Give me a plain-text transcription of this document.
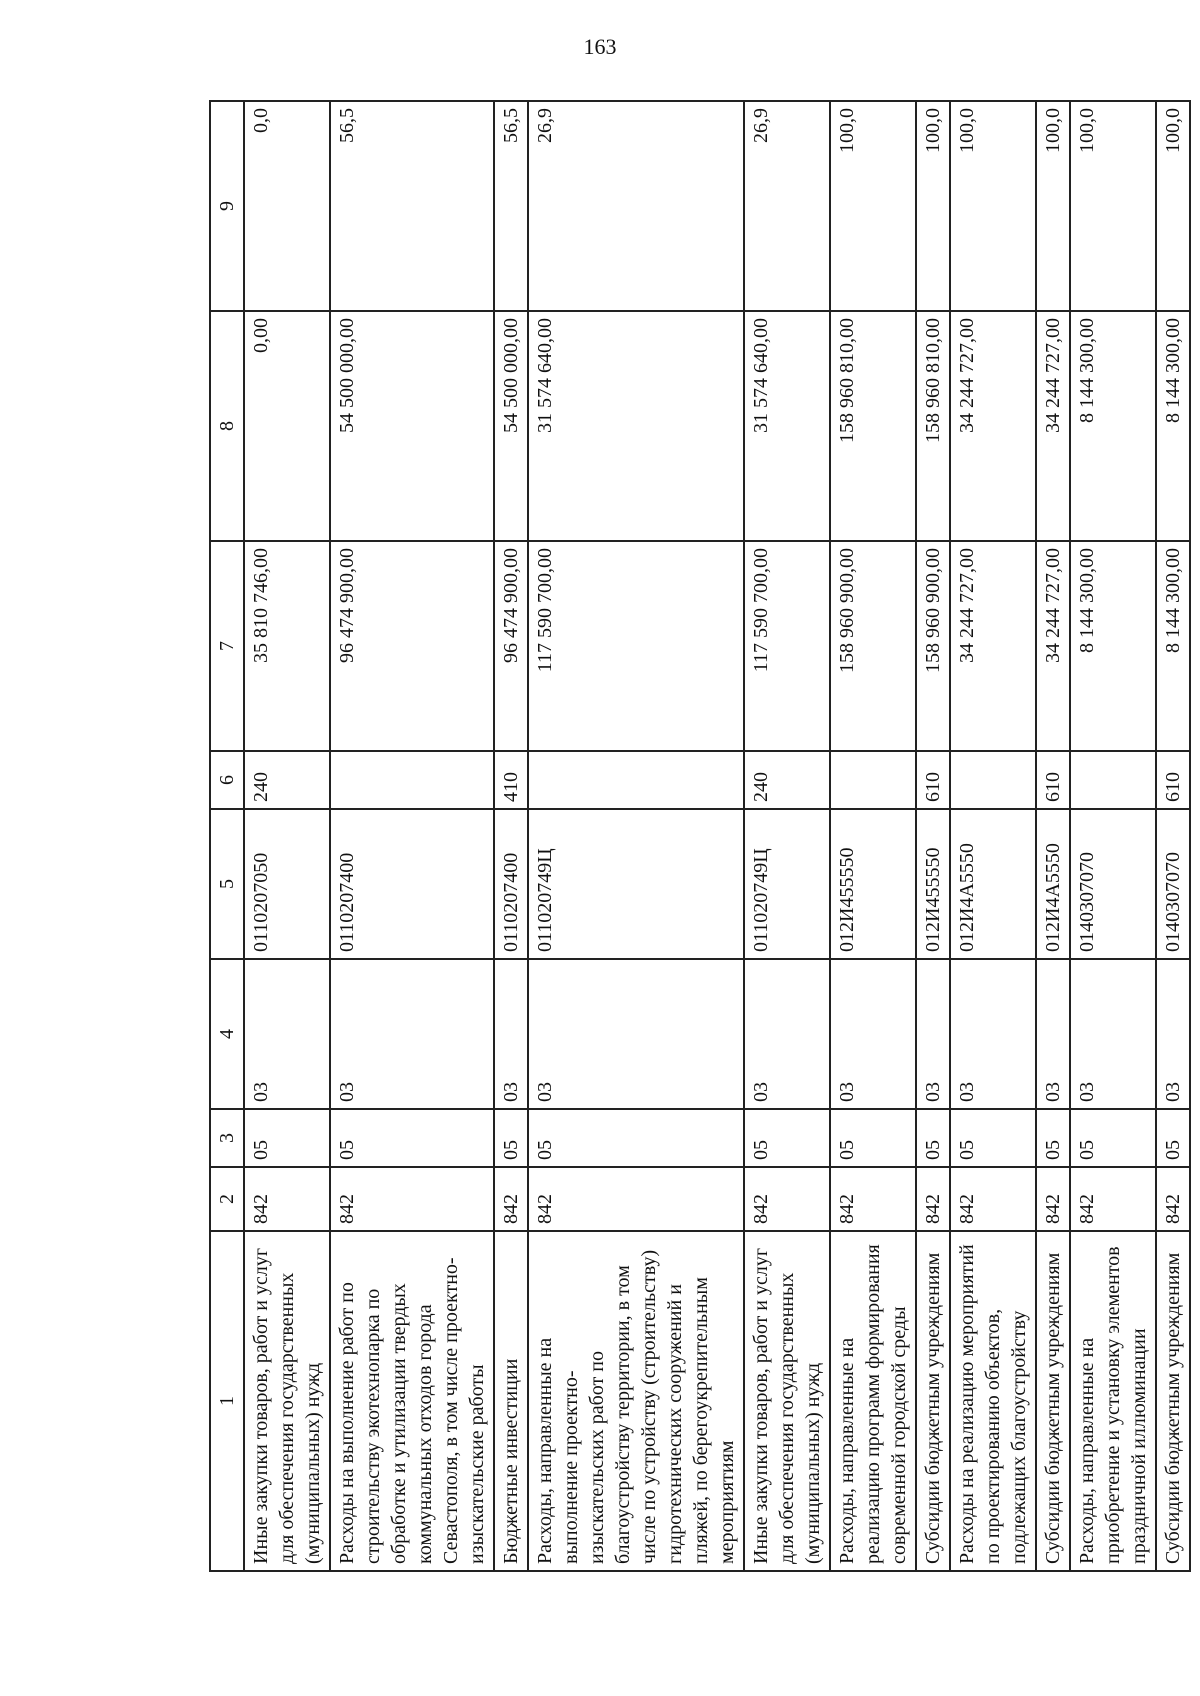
163
1	2	3	4	5	6	7	8	9
Иные закупки товаров, работ и услуг для обеспечения государственных (муниципальных) нужд	842	05	03	0110207050	240	35 810 746,00	0,00	0,0
Расходы на выполнение работ по строительству экотехнопарка по обработке и утилизации твердых коммунальных отходов города Севастополя, в том числе проектно-изыскательские работы	842	05	03	0110207400		96 474 900,00	54 500 000,00	56,5
Бюджетные инвестиции	842	05	03	0110207400	410	96 474 900,00	54 500 000,00	56,5
Расходы, направленные на выполнение проектно-изыскательских работ по благоустройству территории, в том числе по устройству (строительству) гидротехнических сооружений и пляжей, по берегоукрепительным мероприятиям	842	05	03	011020749Ц		117 590 700,00	31 574 640,00	26,9
Иные закупки товаров, работ и услуг для обеспечения государственных (муниципальных) нужд	842	05	03	011020749Ц	240	117 590 700,00	31 574 640,00	26,9
Расходы, направленные на реализацию программ формирования современной городской среды	842	05	03	012И455550		158 960 900,00	158 960 810,00	100,0
Субсидии бюджетным учреждениям	842	05	03	012И455550	610	158 960 900,00	158 960 810,00	100,0
Расходы на реализацию мероприятий по проектированию объектов, подлежащих благоустройству	842	05	03	012И4А5550		34 244 727,00	34 244 727,00	100,0
Субсидии бюджетным учреждениям	842	05	03	012И4А5550	610	34 244 727,00	34 244 727,00	100,0
Расходы, направленные на приобретение и установку элементов праздничной иллюминации	842	05	03	0140307070		8 144 300,00	8 144 300,00	100,0
Субсидии бюджетным учреждениям	842	05	03	0140307070	610	8 144 300,00	8 144 300,00	100,0
